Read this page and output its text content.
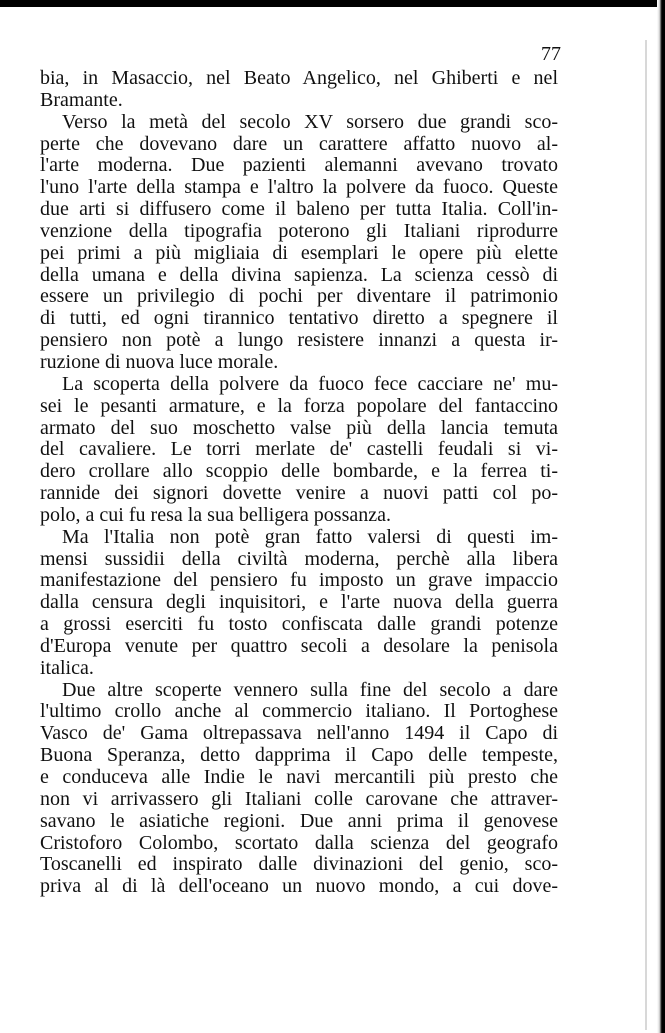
77
bia, in Masaccio, nel Beato Angelico, nel Ghiberti e nel
Bramante.
Verso la metà del secolo XV sorsero due grandi sco-
perte che dovevano dare un carattere affatto nuovo al-
l'arte moderna. Due pazienti alemanni avevano trovato
l'uno l'arte della stampa e l'altro la polvere da fuoco. Queste
due arti si diffusero come il baleno per tutta Italia. Coll'in-
venzione della tipografia poterono gli Italiani riprodurre
pei primi a più migliaia di esemplari le opere più elette
della umana e della divina sapienza. La scienza cessò di
essere un privilegio di pochi per diventare il patrimonio
di tutti, ed ogni tirannico tentativo diretto a spegnere il
pensiero non potè a lungo resistere innanzi a questa ir-
ruzione di nuova luce morale.
La scoperta della polvere da fuoco fece cacciare ne' mu-
sei le pesanti armature, e la forza popolare del fantaccino
armato del suo moschetto valse più della lancia temuta
del cavaliere. Le torri merlate de' castelli feudali si vi-
dero crollare allo scoppio delle bombarde, e la ferrea ti-
rannide dei signori dovette venire a nuovi patti col po-
polo, a cui fu resa la sua belligera possanza.
Ma l'Italia non potè gran fatto valersi di questi im-
mensi sussidii della civiltà moderna, perchè alla libera
manifestazione del pensiero fu imposto un grave impaccio
dalla censura degli inquisitori, e l'arte nuova della guerra
a grossi eserciti fu tosto confiscata dalle grandi potenze
d'Europa venute per quattro secoli a desolare la penisola
italica.
Due altre scoperte vennero sulla fine del secolo a dare
l'ultimo crollo anche al commercio italiano. Il Portoghese
Vasco de' Gama oltrepassava nell'anno 1494 il Capo di
Buona Speranza, detto dapprima il Capo delle tempeste,
e conduceva alle Indie le navi mercantili più presto che
non vi arrivassero gli Italiani colle carovane che attraver-
savano le asiatiche regioni. Due anni prima il genovese
Cristoforo Colombo, scortato dalla scienza del geografo
Toscanelli ed inspirato dalle divinazioni del genio, sco-
priva al di là dell'oceano un nuovo mondo, a cui dove-
